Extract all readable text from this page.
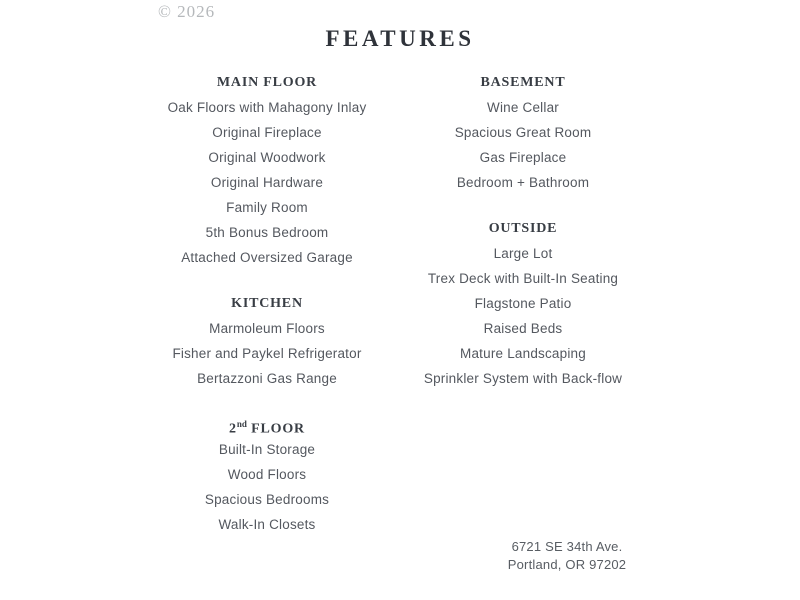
© 2026
FEATURES
MAIN FLOOR
Oak Floors with Mahagony Inlay
Original Fireplace
Original Woodwork
Original Hardware
Family Room
5th Bonus Bedroom
Attached Oversized Garage
KITCHEN
Marmoleum Floors
Fisher and Paykel Refrigerator
Bertazzoni Gas Range
2nd FLOOR
Built-In Storage
Wood Floors
Spacious Bedrooms
Walk-In Closets
BASEMENT
Wine Cellar
Spacious Great Room
Gas Fireplace
Bedroom + Bathroom
OUTSIDE
Large Lot
Trex Deck with Built-In Seating
Flagstone Patio
Raised Beds
Mature Landscaping
Sprinkler System with Back-flow
6721 SE 34th Ave.
Portland, OR 97202
